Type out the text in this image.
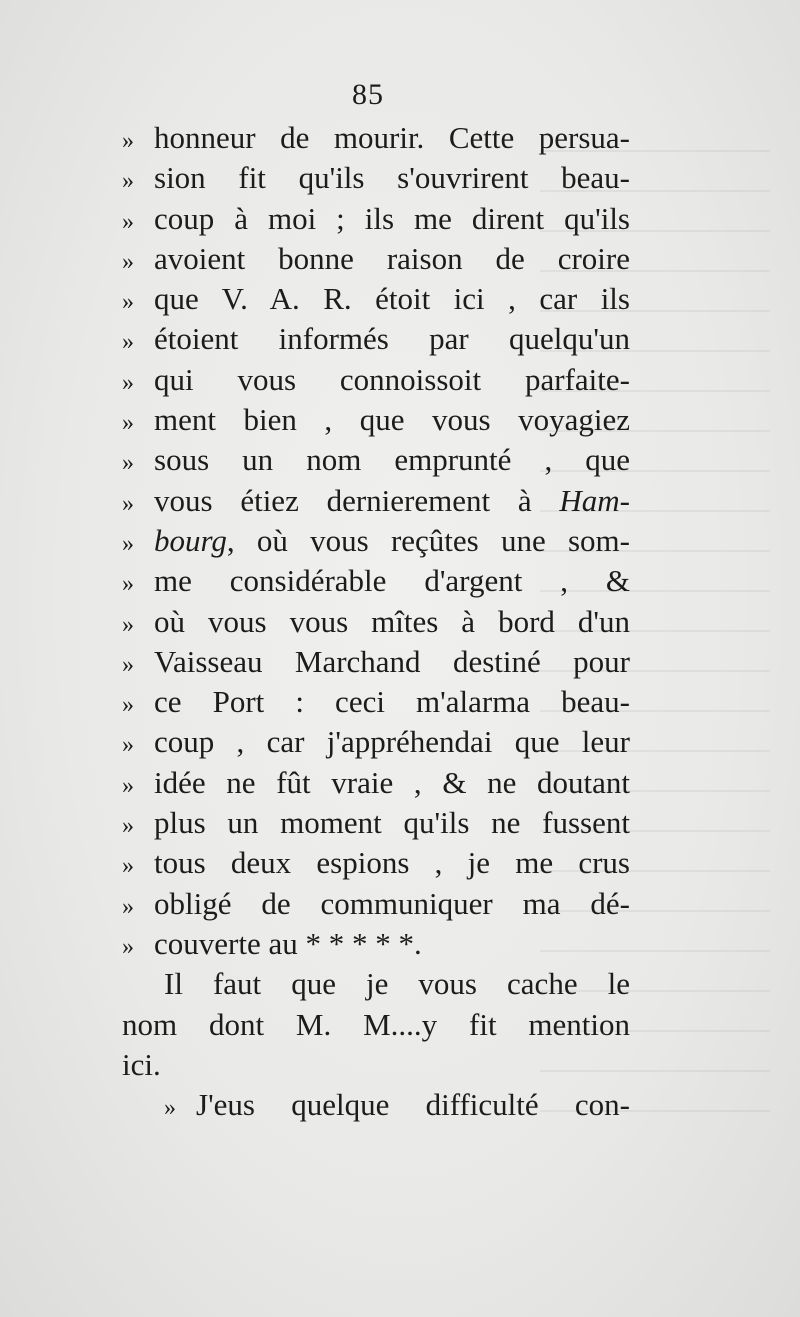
85
» honneur de mourir. Cette persua-
» sion fit qu'ils s'ouvrirent beau-
» coup à moi ; ils me dirent qu'ils
» avoient bonne raison de croire
» que V. A. R. étoit ici , car ils
» étoient informés par quelqu'un
» qui vous connoissoit parfaite-
» ment bien , que vous voyagiez
» sous un nom emprunté , que
» vous étiez dernierement à Ham-
» bourg, où vous reçûtes une som-
» me considérable d'argent , &
» où vous vous mîtes à bord d'un
» Vaisseau Marchand destiné pour
» ce Port : ceci m'alarma beau-
» coup , car j'appréhendai que leur
» idée ne fût vraie , & ne doutant
» plus un moment qu'ils ne fussent
» tous deux espions , je me crus
» obligé de communiquer ma dé-
» couverte au * * * * *.
Il faut que je vous cache le
nom dont M. M....y fit mention
ici.
» J'eus quelque difficulté con-
